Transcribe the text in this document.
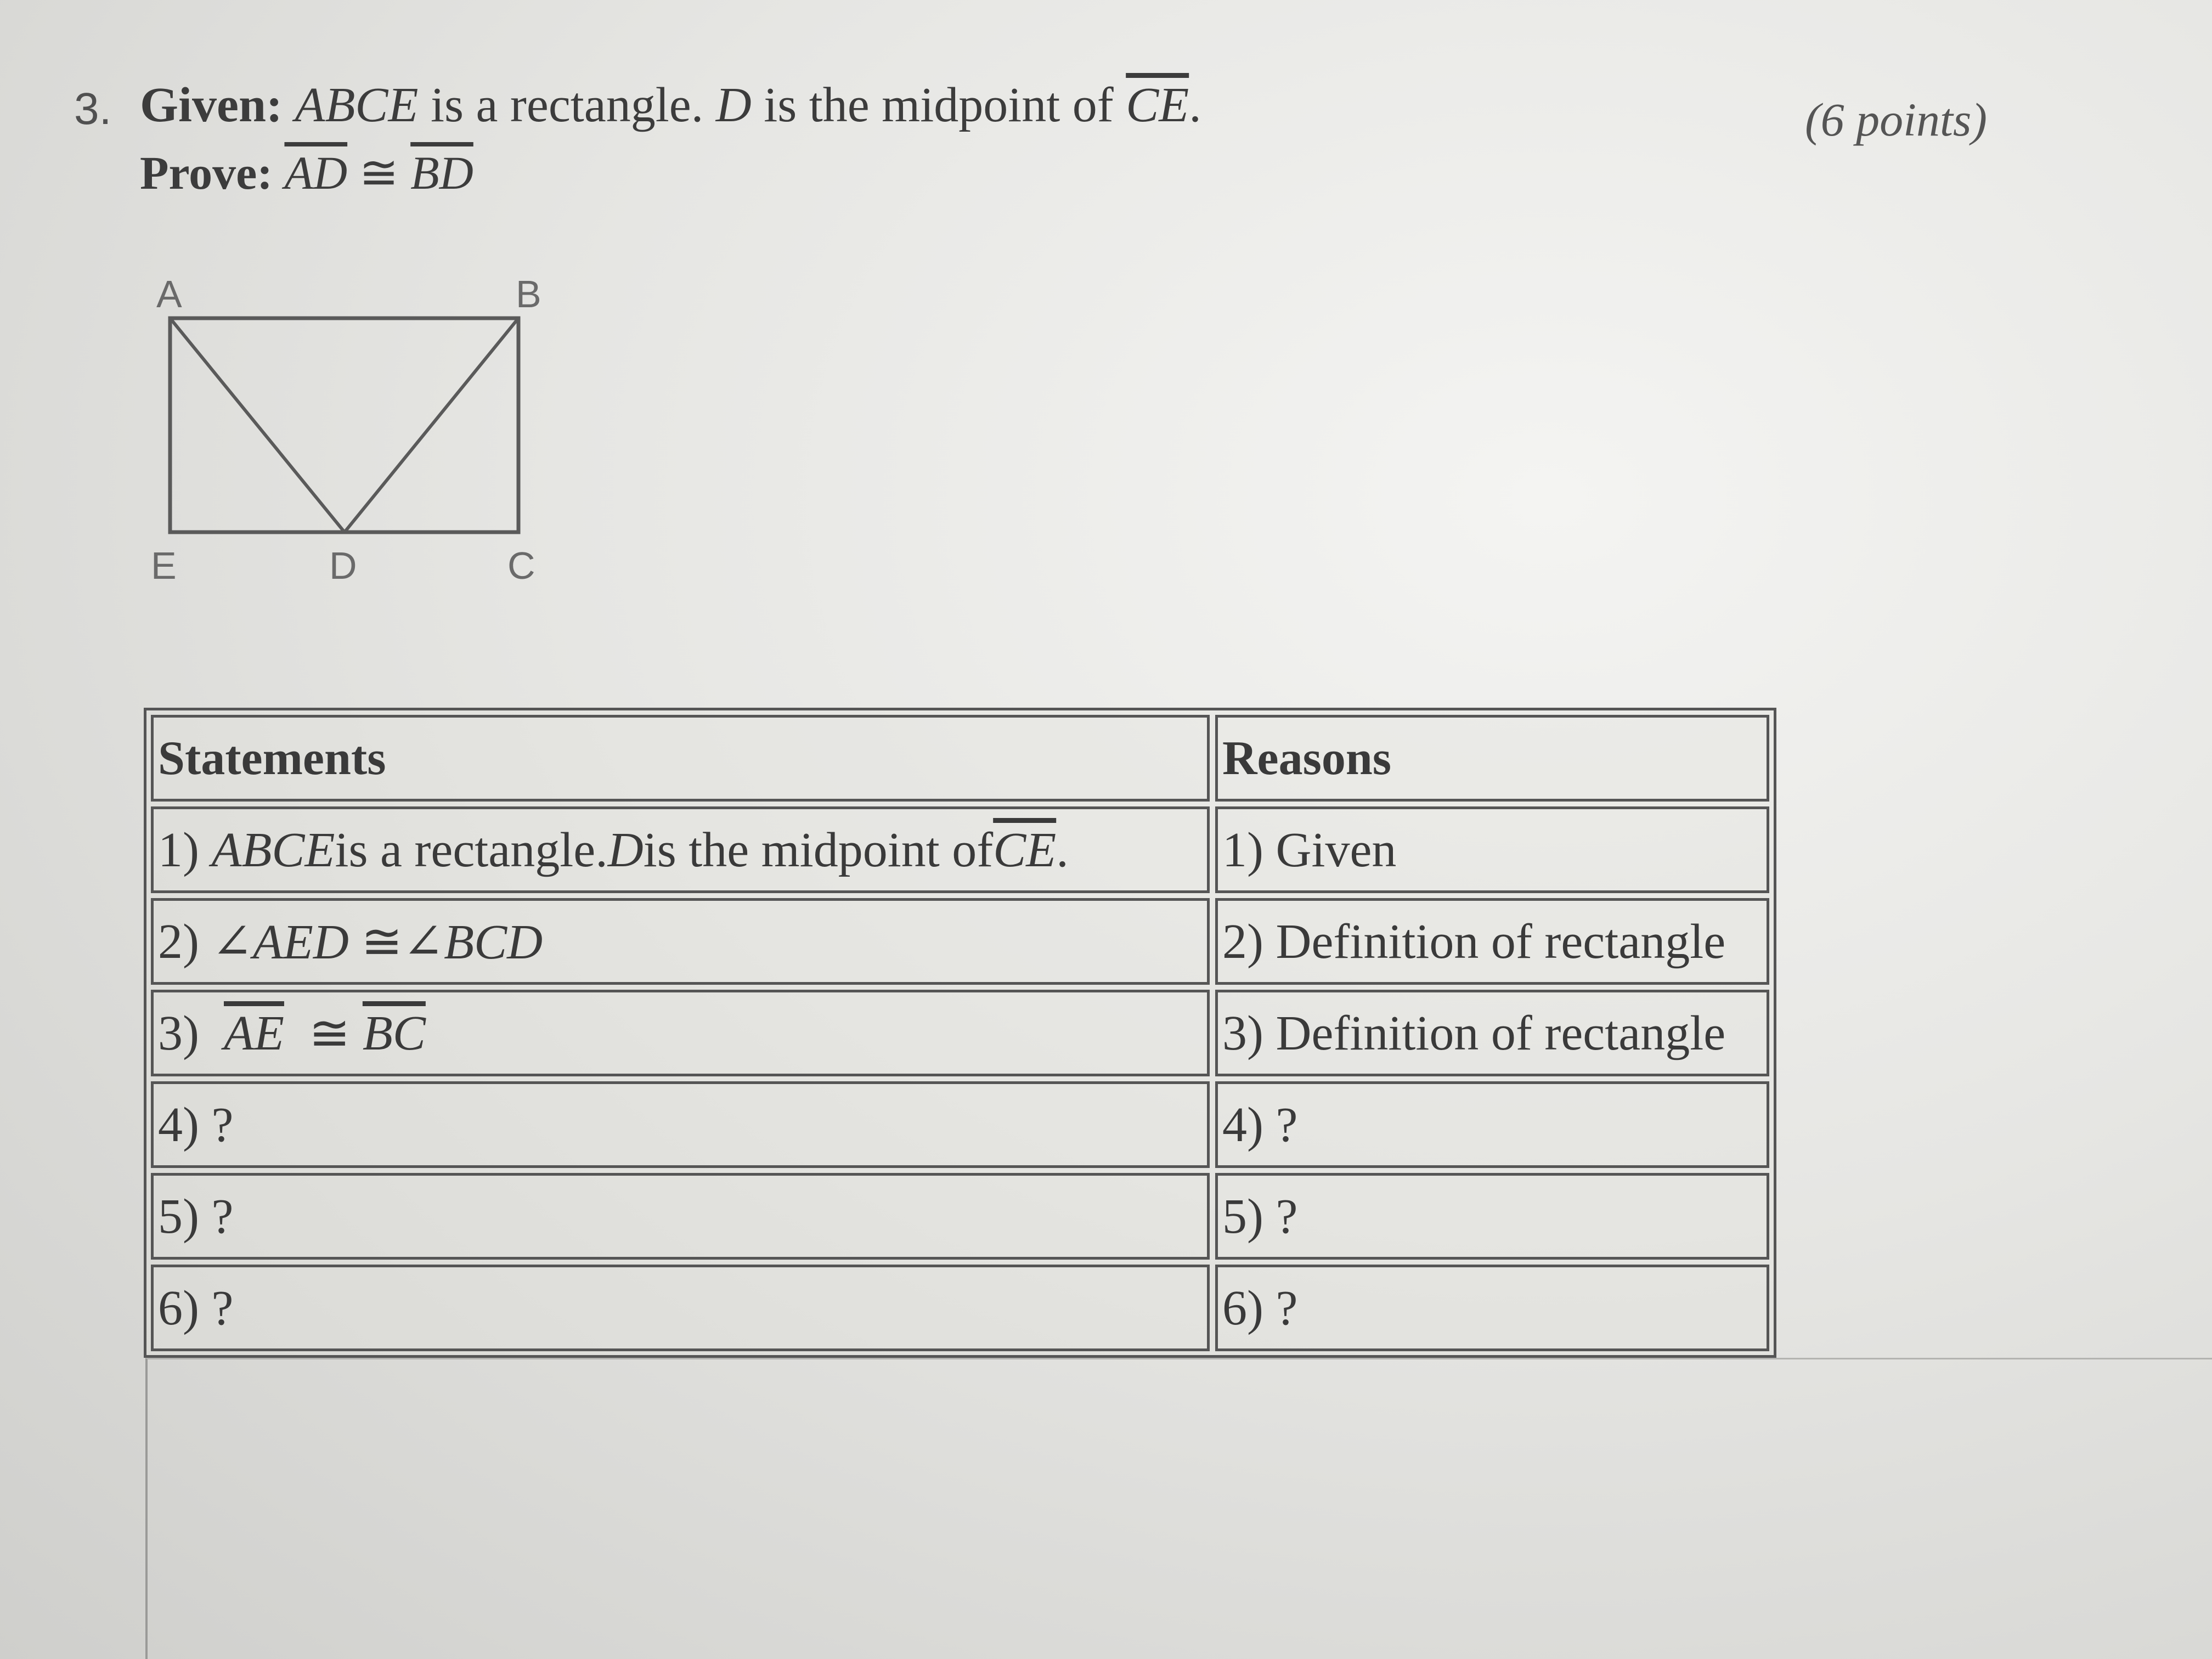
3. Given: ABCE is a rectangle. D is the midpoint of $\overline{CE}$.
Prove: $\overline{AD}$ ≅ $\overline{BD}$
(6 points)
A	B
E	D	C
Statements	Reasons
1)
ABCE is a rectangle. D is the midpoint of $\overline{CE}$ .	1) Given
2)
∠AED
≅ ∠BCD	2) Definition of rectangle
3)
$\overline{AE}$
≅
$\overline{BC}$	3) Definition of rectangle
4) ?	4) ?
5) ?	5) ?
6) ?	6) ?
